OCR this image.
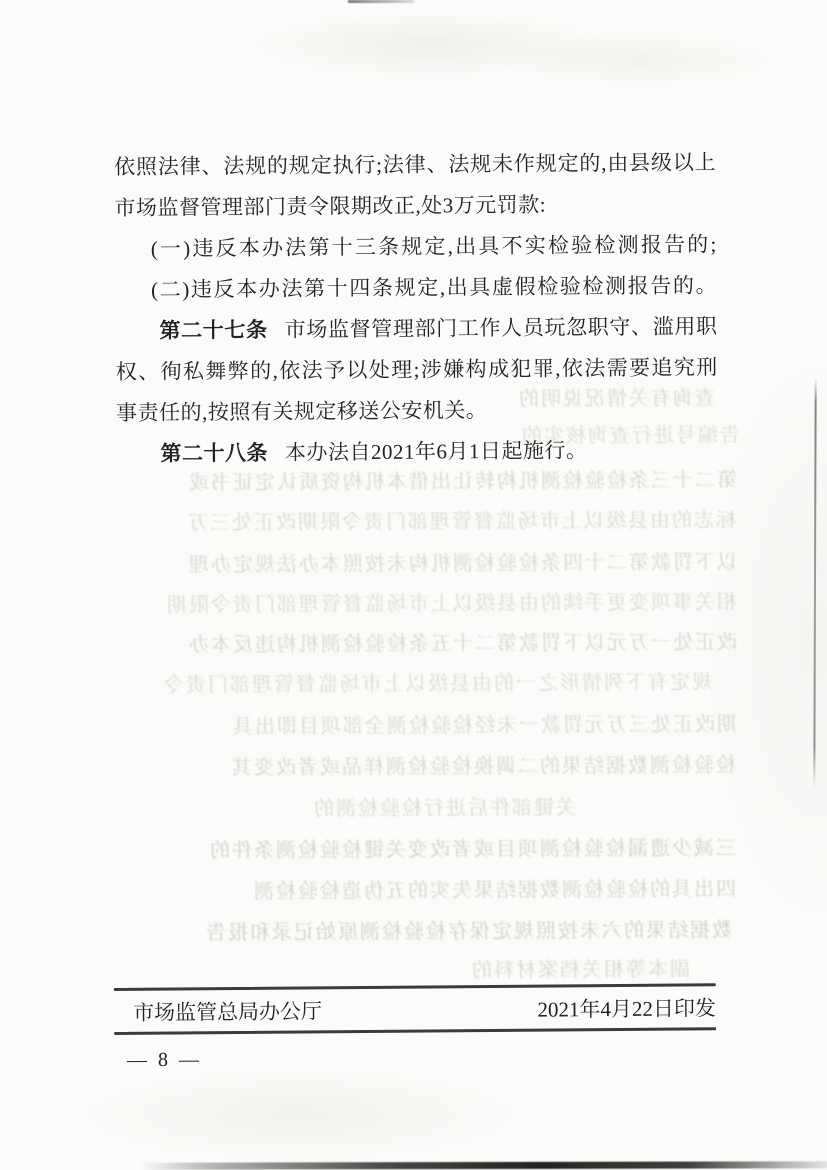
查询有关情况说明的
告编号进行查询核实的
第二十三条检验检测机构转让出借本机构资质认定证书或
标志的由县级以上市场监督管理部门责令限期改正处三万
以下罚款第二十四条检验检测机构未按照本办法规定办理
相关事项变更手续的由县级以上市场监督管理部门责令限期
改正处一万元以下罚款第二十五条检验检测机构违反本办
规定有下列情形之一的由县级以上市场监督管理部门责令
期改正处三万元罚款一未经检验检测全部项目即出具
检验检测数据结果的二调换检验检测样品或者改变其
关键部件后进行检验检测的
三减少遗漏检验检测项目或者改变关键检验检测条件的
四出具的检验检测数据结果失实的五伪造检验检测
数据结果的六未按照规定保存检验检测原始记录和报告
副本等相关档案材料的
依照法律、法规的规定执行;法律、法规未作规定的,由县级以上
市场监督管理部门责令限期改正,处3万元罚款:
(一)违反本办法第十三条规定,出具不实检验检测报告的;
(二)违反本办法第十四条规定,出具虚假检验检测报告的。
第二十七条 市场监督管理部门工作人员玩忽职守、滥用职
权、徇私舞弊的,依法予以处理;涉嫌构成犯罪,依法需要追究刑
事责任的,按照有关规定移送公安机关。
第二十八条 本办法自2021年6月1日起施行。
市场监管总局办公厅	2021年4月22日印发
— 8 —
